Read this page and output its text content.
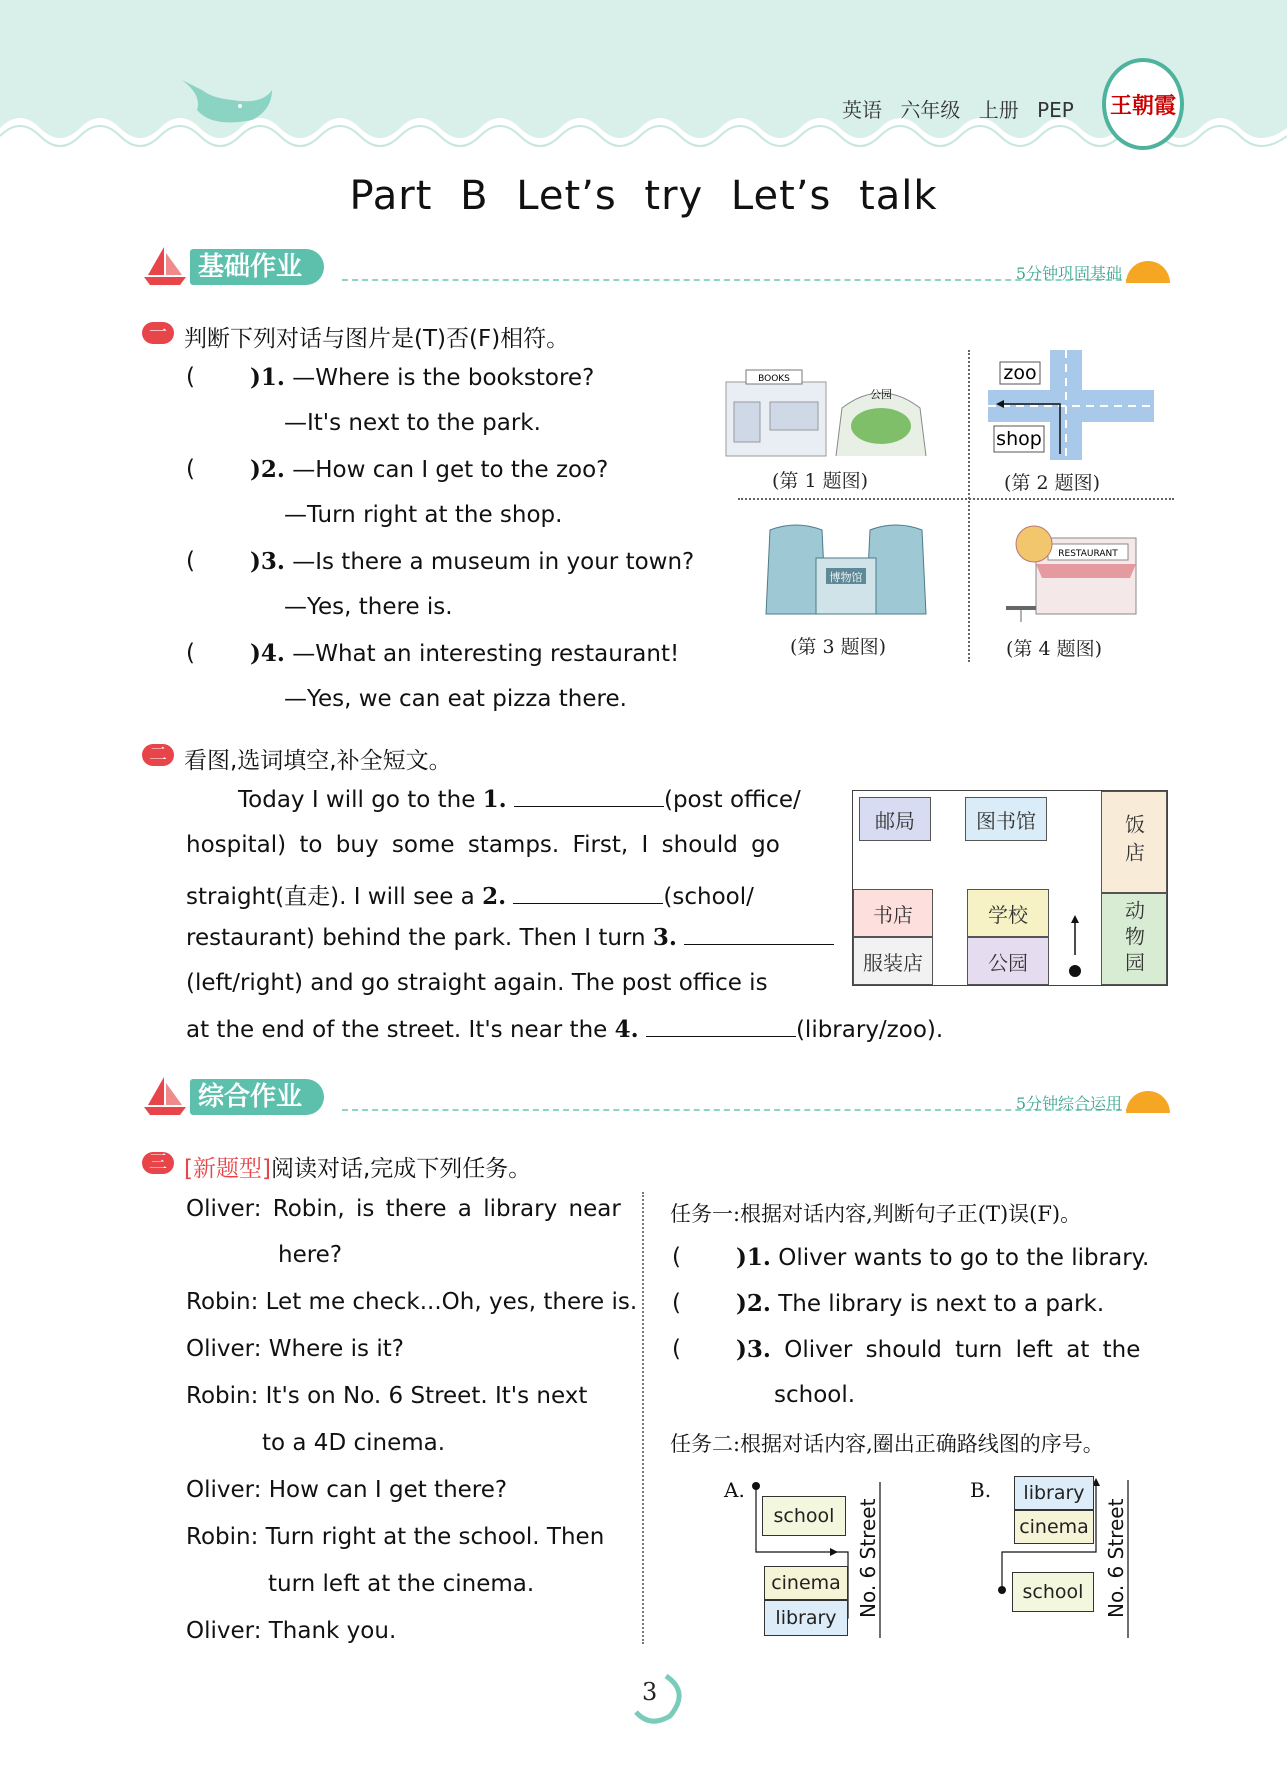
英语 六年级 上册 PEP 王朝霞
Part B Let’s try Let’s talk
基础作业	5分钟巩固基础
一 判断下列对话与图片是(T)否(F)相符。
( )1. —Where is the bookstore?
—It's next to the park.
( )2. —How can I get to the zoo?
—Turn right at the shop.
( )3. —Is there a museum in your town?
—Yes, there is.
( )4. —What an interesting restaurant!
—Yes, we can eat pizza there.
BOOKS
公园
(第 1 题图)
zoo
shop
(第 2 题图)
博物馆
(第 3 题图)
RESTAURANT
(第 4 题图)
二 看图,选词填空,补全短文。
Today I will go to the 1.	(post office/
hospital) to buy some stamps. First, I should go
straight(直走). I will see a 2.	(school/
restaurant) behind the park. Then I turn 3.
(left/right) and go straight again. The post office is
at the end of the street. It's near the 4.	(library/zoo).
邮局	图书馆	饭店
书店	学校	动物园
服装店	公园
综合作业	5分钟综合运用
三 [新题型]阅读对话,完成下列任务。
Oliver: Robin, is there a library near
here?
Robin: Let me check...Oh, yes, there is.
Oliver: Where is it?
Robin: It's on No. 6 Street. It's next
to a 4D cinema.
Oliver: How can I get there?
Robin: Turn right at the school. Then
turn left at the cinema.
Oliver: Thank you.
任务一:根据对话内容,判断句子正(T)误(F)。
( )1. Oliver wants to go to the library.
( )2. The library is next to a park.
( )3. Oliver should turn left at the
school.
任务二:根据对话内容,圈出正确路线图的序号。
A.
school
cinema
library No. 6 Street
B.	library
cinema
school	No. 6 Street
3
